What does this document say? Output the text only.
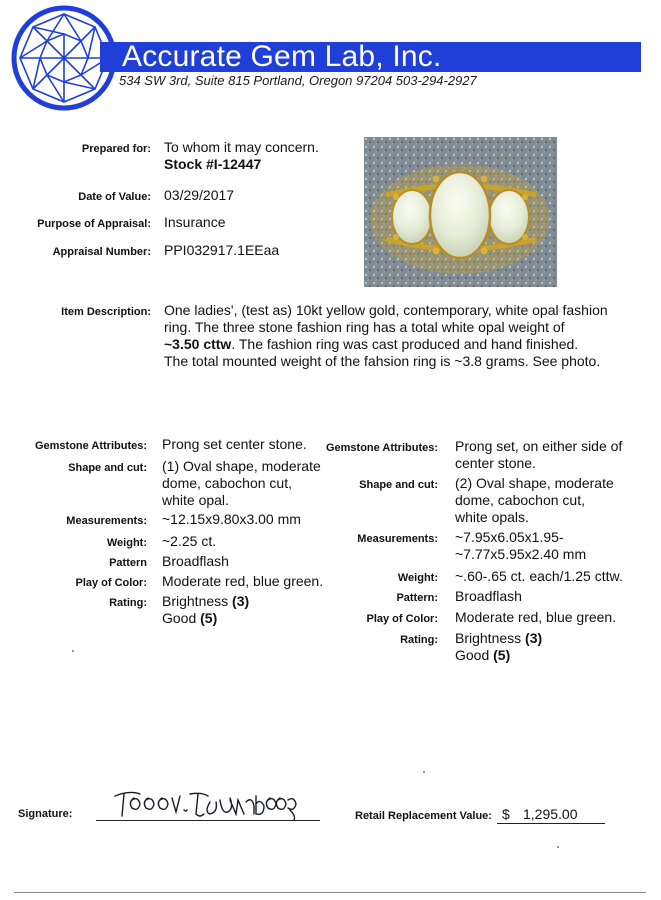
Accurate Gem Lab, Inc.
534 SW 3rd, Suite 815 Portland, Oregon 97204 503-294-2927
Prepared for: To whom it may concern.
Stock #I-12447
Date of Value: 03/29/2017
Purpose of Appraisal: Insurance
Appraisal Number: PPI032917.1EEaa
Item Description: One ladies', (test as) 10kt yellow gold, contemporary, white opal fashion
ring. The three stone fashion ring has a total white opal weight of
~3.50 cttw. The fashion ring was cast produced and hand finished.
The total mounted weight of the fahsion ring is ~3.8 grams. See photo.
Gemstone Attributes: Prong set center stone.
Shape and cut: (1) Oval shape, moderate
dome, cabochon cut,
white opal.
Measurements: ~12.15x9.80x3.00 mm
Weight: ~2.25 ct.
Pattern Broadflash
Play of Color: Moderate red, blue green.
Rating: Brightness (3)
Good (5)
Gemstone Attributes: Prong set, on either side of
center stone.
Shape and cut: (2) Oval shape, moderate
dome, cabochon cut,
white opals.
Measurements: ~7.95x6.05x1.95-
~7.77x5.95x2.40 mm
Weight: ~.60-.65 ct. each/1.25 cttw.
Pattern: Broadflash
Play of Color: Moderate red, blue green.
Rating: Brightness (3)
Good (5)
Signature:	Retail Replacement Value: $ 1,295.00
